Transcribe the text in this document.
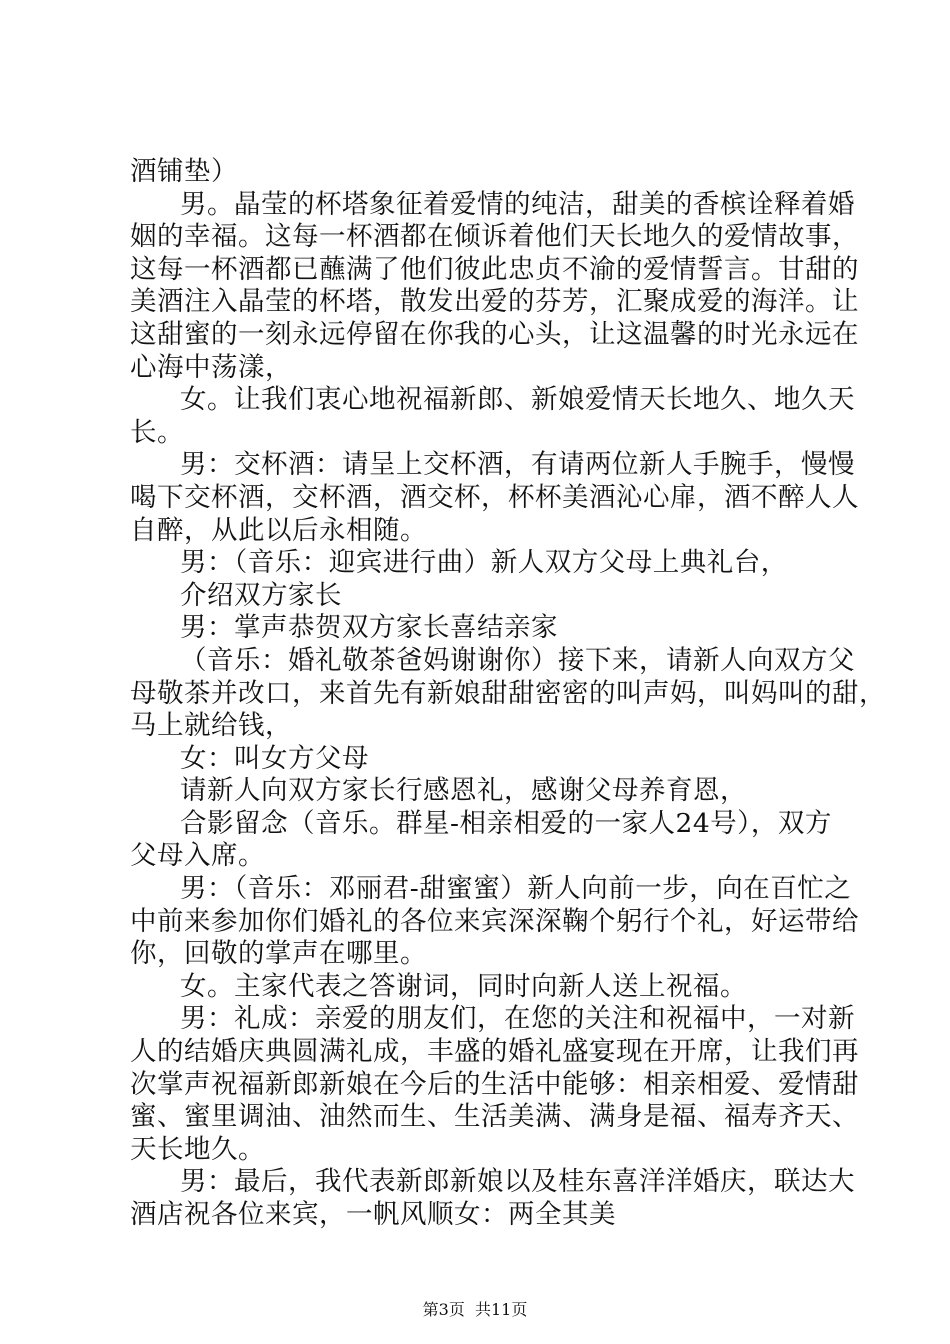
酒铺垫）
男。晶莹的杯塔象征着爱情的纯洁，甜美的香槟诠释着婚
姻的幸福。这每一杯酒都在倾诉着他们天长地久的爱情故事，
这每一杯酒都已蘸满了他们彼此忠贞不渝的爱情誓言。甘甜的
美酒注入晶莹的杯塔，散发出爱的芬芳，汇聚成爱的海洋。让
这甜蜜的一刻永远停留在你我的心头，让这温馨的时光永远在
心海中荡漾，
女。让我们衷心地祝福新郎、新娘爱情天长地久、地久天
长。
男：交杯酒：请呈上交杯酒，有请两位新人手腕手，慢慢
喝下交杯酒，交杯酒，酒交杯，杯杯美酒沁心扉，酒不醉人人
自醉，从此以后永相随。
男：（音乐：迎宾进行曲）新人双方父母上典礼台，
介绍双方家长
男：掌声恭贺双方家长喜结亲家
（音乐：婚礼敬茶爸妈谢谢你）接下来，请新人向双方父
母敬茶并改口，来首先有新娘甜甜密密的叫声妈，叫妈叫的甜，
马上就给钱，
女：叫女方父母
请新人向双方家长行感恩礼，感谢父母养育恩，
合影留念（音乐。群星-相亲相爱的一家人24号），双方
父母入席。
男：（音乐：邓丽君-甜蜜蜜）新人向前一步，向在百忙之
中前来参加你们婚礼的各位来宾深深鞠个躬行个礼，好运带给
你，回敬的掌声在哪里。
女。主家代表之答谢词，同时向新人送上祝福。
男：礼成：亲爱的朋友们，在您的关注和祝福中，一对新
人的结婚庆典圆满礼成，丰盛的婚礼盛宴现在开席，让我们再
次掌声祝福新郎新娘在今后的生活中能够：相亲相爱、爱情甜
蜜、蜜里调油、油然而生、生活美满、满身是福、福寿齐天、
天长地久。
男：最后，我代表新郎新娘以及桂东喜洋洋婚庆，联达大
酒店祝各位来宾，一帆风顺女：两全其美
第3页  共11页
